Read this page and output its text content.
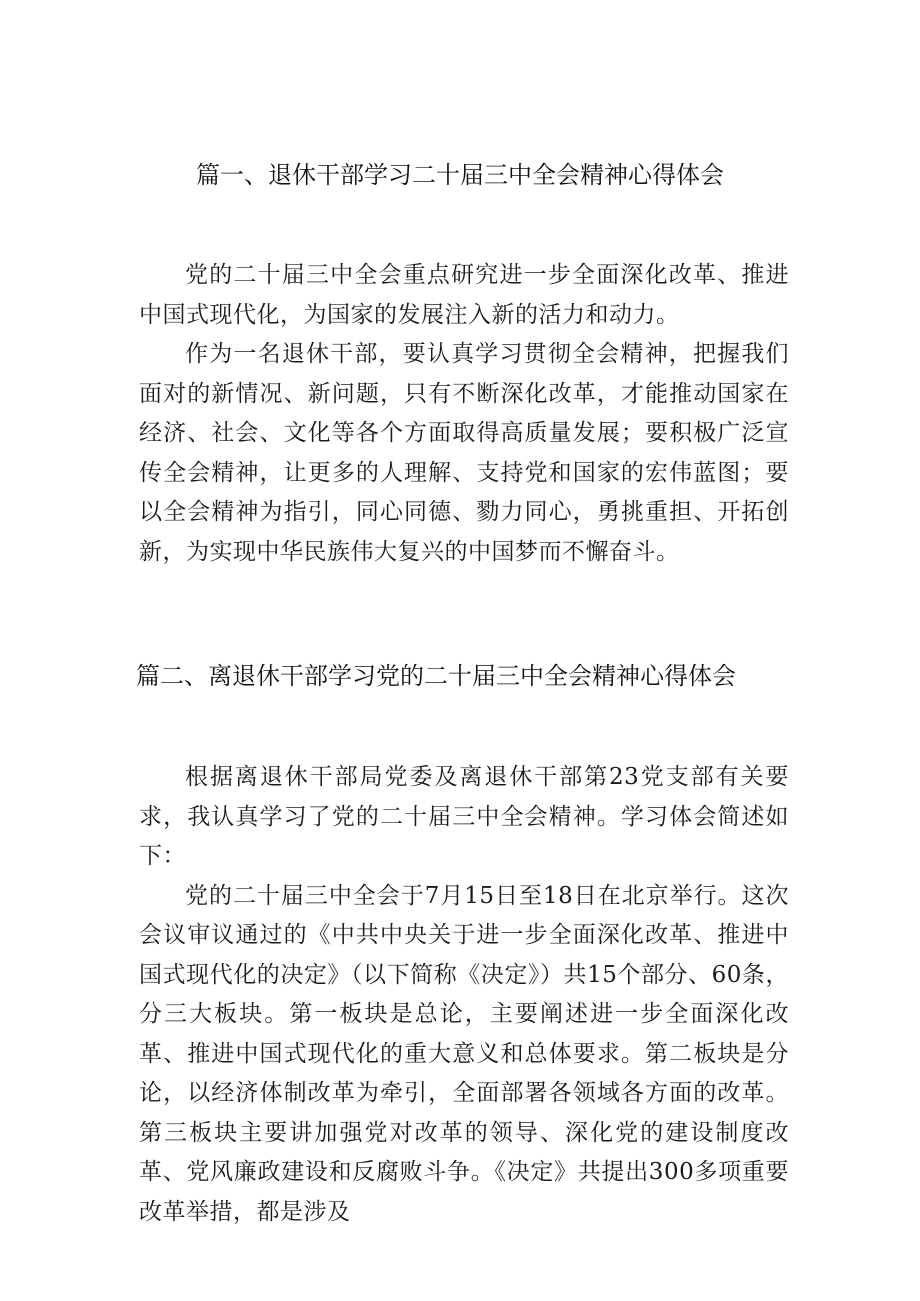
篇一、退休干部学习二十届三中全会精神心得体会

党的二十届三中全会重点研究进一步全面深化改革、推进中国式现代化，为国家的发展注入新的活力和动力。

作为一名退休干部，要认真学习贯彻全会精神，把握我们面对的新情况、新问题，只有不断深化改革，才能推动国家在经济、社会、文化等各个方面取得高质量发展；要积极广泛宣传全会精神，让更多的人理解、支持党和国家的宏伟蓝图；要以全会精神为指引，同心同德、勠力同心，勇挑重担、开拓创新，为实现中华民族伟大复兴的中国梦而不懈奋斗。

篇二、离退休干部学习党的二十届三中全会精神心得体会

根据离退休干部局党委及离退休干部第23党支部有关要求，我认真学习了党的二十届三中全会精神。学习体会简述如下：

党的二十届三中全会于7月15日至18日在北京举行。这次会议审议通过的《中共中央关于进一步全面深化改革、推进中国式现代化的决定》（以下简称《决定》）共15个部分、60条，分三大板块。第一板块是总论，主要阐述进一步全面深化改革、推进中国式现代化的重大意义和总体要求。第二板块是分论，以经济体制改革为牵引，全面部署各领域各方面的改革。第三板块主要讲加强党对改革的领导、深化党的建设制度改革、党风廉政建设和反腐败斗争。《决定》共提出300多项重要改革举措，都是涉及
